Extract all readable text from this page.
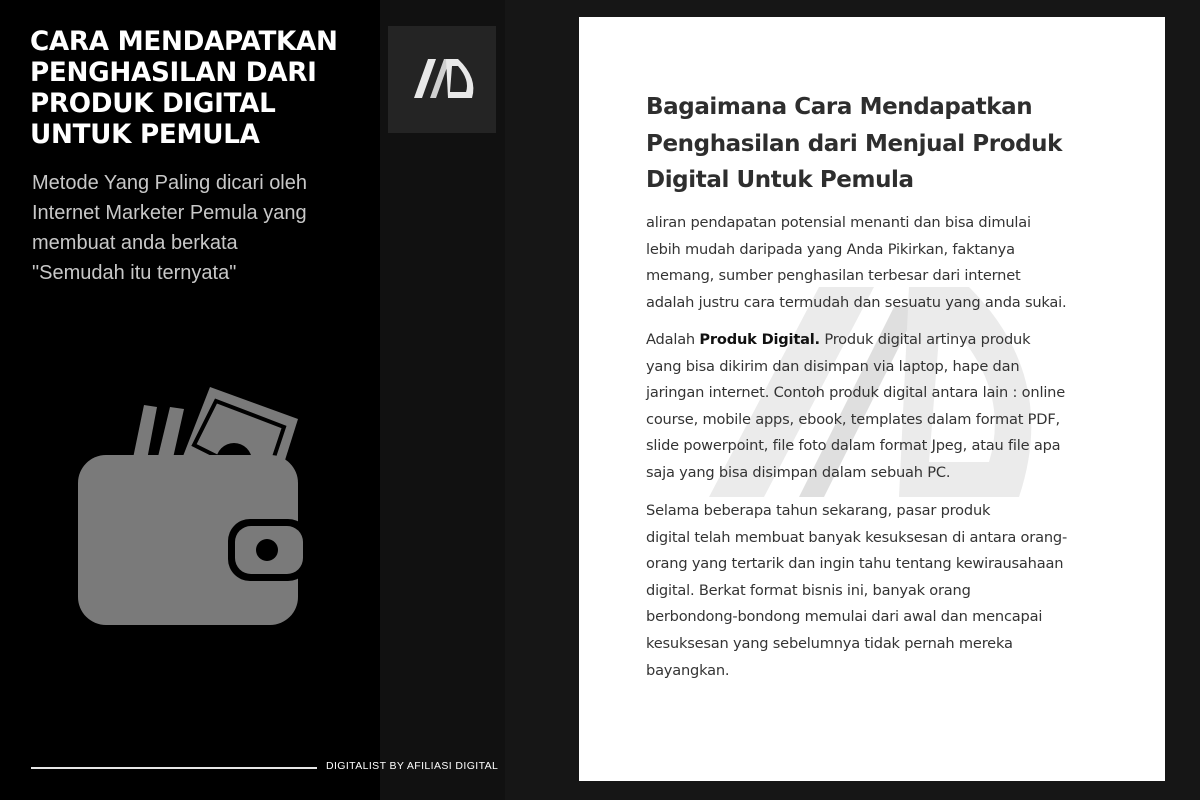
CARA MENDAPATKAN
PENGHASILAN DARI
PRODUK DIGITAL
UNTUK PEMULA
Metode Yang Paling dicari oleh
Internet Marketer Pemula yang
membuat anda berkata
"Semudah itu ternyata"
DIGITALIST BY AFILIASI DIGITAL
Bagaimana Cara Mendapatkan
Penghasilan dari Menjual Produk
Digital Untuk Pemula

aliran pendapatan potensial menanti dan bisa dimulai
lebih mudah daripada yang Anda Pikirkan, faktanya
memang, sumber penghasilan terbesar dari internet
adalah justru cara termudah dan sesuatu yang anda sukai.

Adalah Produk Digital. Produk digital artinya produk
yang bisa dikirim dan disimpan via laptop, hape dan
jaringan internet. Contoh produk digital antara lain : online
course, mobile apps, ebook, templates dalam format PDF,
slide powerpoint, file foto dalam format Jpeg, atau file apa
saja yang bisa disimpan dalam sebuah PC.

Selama beberapa tahun sekarang, pasar produk
digital telah membuat banyak kesuksesan di antara orang-
orang yang tertarik dan ingin tahu tentang kewirausahaan
digital. Berkat format bisnis ini, banyak orang
berbondong-bondong memulai dari awal dan mencapai
kesuksesan yang sebelumnya tidak pernah mereka
bayangkan.
